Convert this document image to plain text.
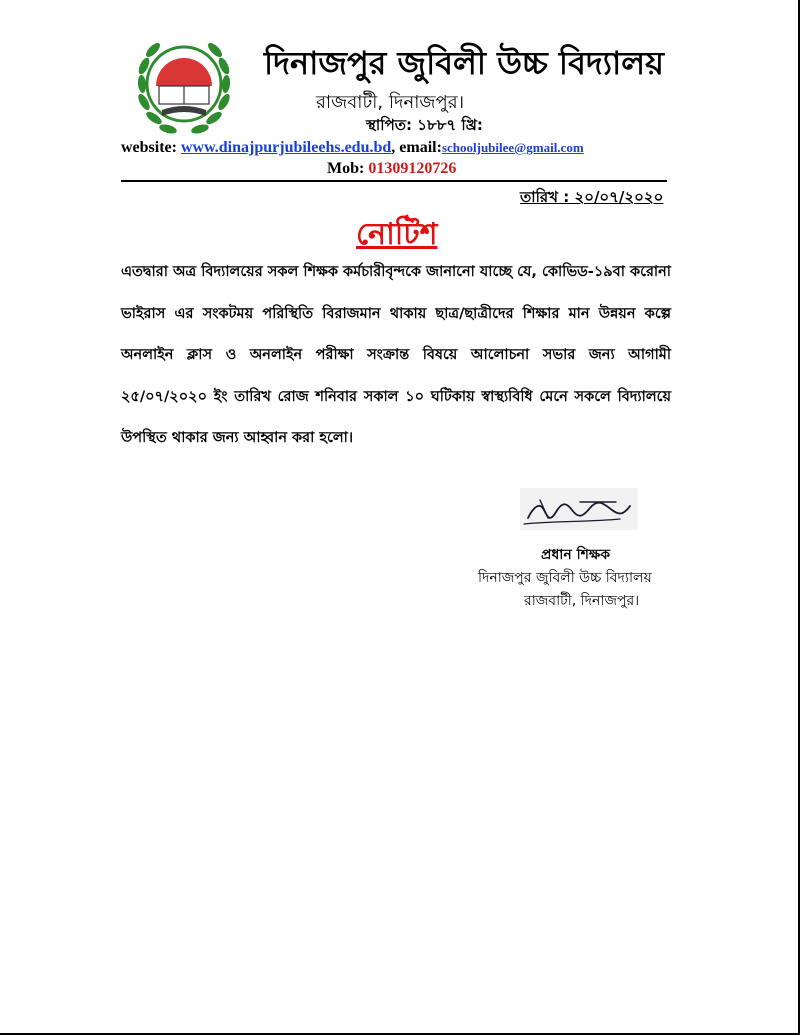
দিনাজপুর জুবিলী উচ্চ বিদ্যালয়
রাজবাটী, দিনাজপুর।
স্থাপিত: ১৮৮৭ খ্রি:
website: www.dinajpurjubileehs.edu.bd, email:schooljubilee@gmail.com
Mob: 01309120726
তারিখ : ২০/০৭/২০২০
নোটিশ
এতদ্বারা অত্র বিদ্যালয়ের সকল শিক্ষক কর্মচারীবৃন্দকে জানানো যাচ্ছে যে, কোভিড-১৯বা করোনা ভাইরাস এর সংকটময় পরিস্থিতি বিরাজমান থাকায় ছাত্র/ছাত্রীদের শিক্ষার মান উন্নয়ন কল্পে অনলাইন ক্লাস ও অনলাইন পরীক্ষা সংক্রান্ত বিষয়ে আলোচনা সভার জন্য আগামী ২৫/০৭/২০২০ ইং তারিখ রোজ শনিবার সকাল ১০ ঘটিকায় স্বাস্থ্যবিধি মেনে সকলে বিদ্যালয়ে উপস্থিত থাকার জন্য আহ্বান করা হলো।
প্রধান শিক্ষক
দিনাজপুর জুবিলী উচ্চ বিদ্যালয়
রাজবাটী, দিনাজপুর।
